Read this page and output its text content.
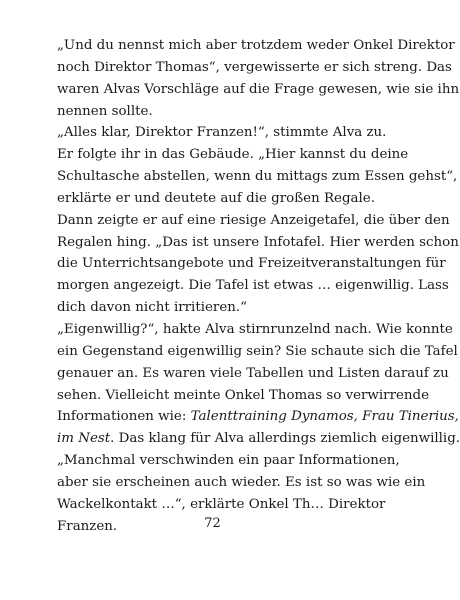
„Und du nennst mich aber trotzdem weder Onkel Direktor
noch Direktor Thomas“, vergewisserte er sich streng. Das
waren Alvas Vorschläge auf die Frage gewesen, wie sie ihn
nennen sollte.
„Alles klar, Direktor Franzen!“, stimmte Alva zu.
Er folgte ihr in das Gebäude. „Hier kannst du deine
Schultasche abstellen, wenn du mittags zum Essen gehst“,
erklärte er und deutete auf die großen Regale.
Dann zeigte er auf eine riesige Anzeigetafel, die über den
Regalen hing. „Das ist unsere Infotafel. Hier werden schon
die Unterrichtsangebote und Freizeitveranstaltungen für
morgen angezeigt. Die Tafel ist etwas … eigenwillig. Lass
dich davon nicht irritieren.“
„Eigenwillig?“, hakte Alva stirnrunzelnd nach. Wie konnte
ein Gegenstand eigenwillig sein? Sie schaute sich die Tafel
genauer an. Es waren viele Tabellen und Listen darauf zu
sehen. Vielleicht meinte Onkel Thomas so verwirrende
Informationen wie: Talenttraining Dynamos, Frau Tinerius,
im Nest. Das klang für Alva allerdings ziemlich eigenwillig.
„Manchmal verschwinden ein paar Informationen,
aber sie erscheinen auch wieder. Es ist so was wie ein
Wackelkontakt …“, erklärte Onkel Th… Direktor
Franzen.	72
